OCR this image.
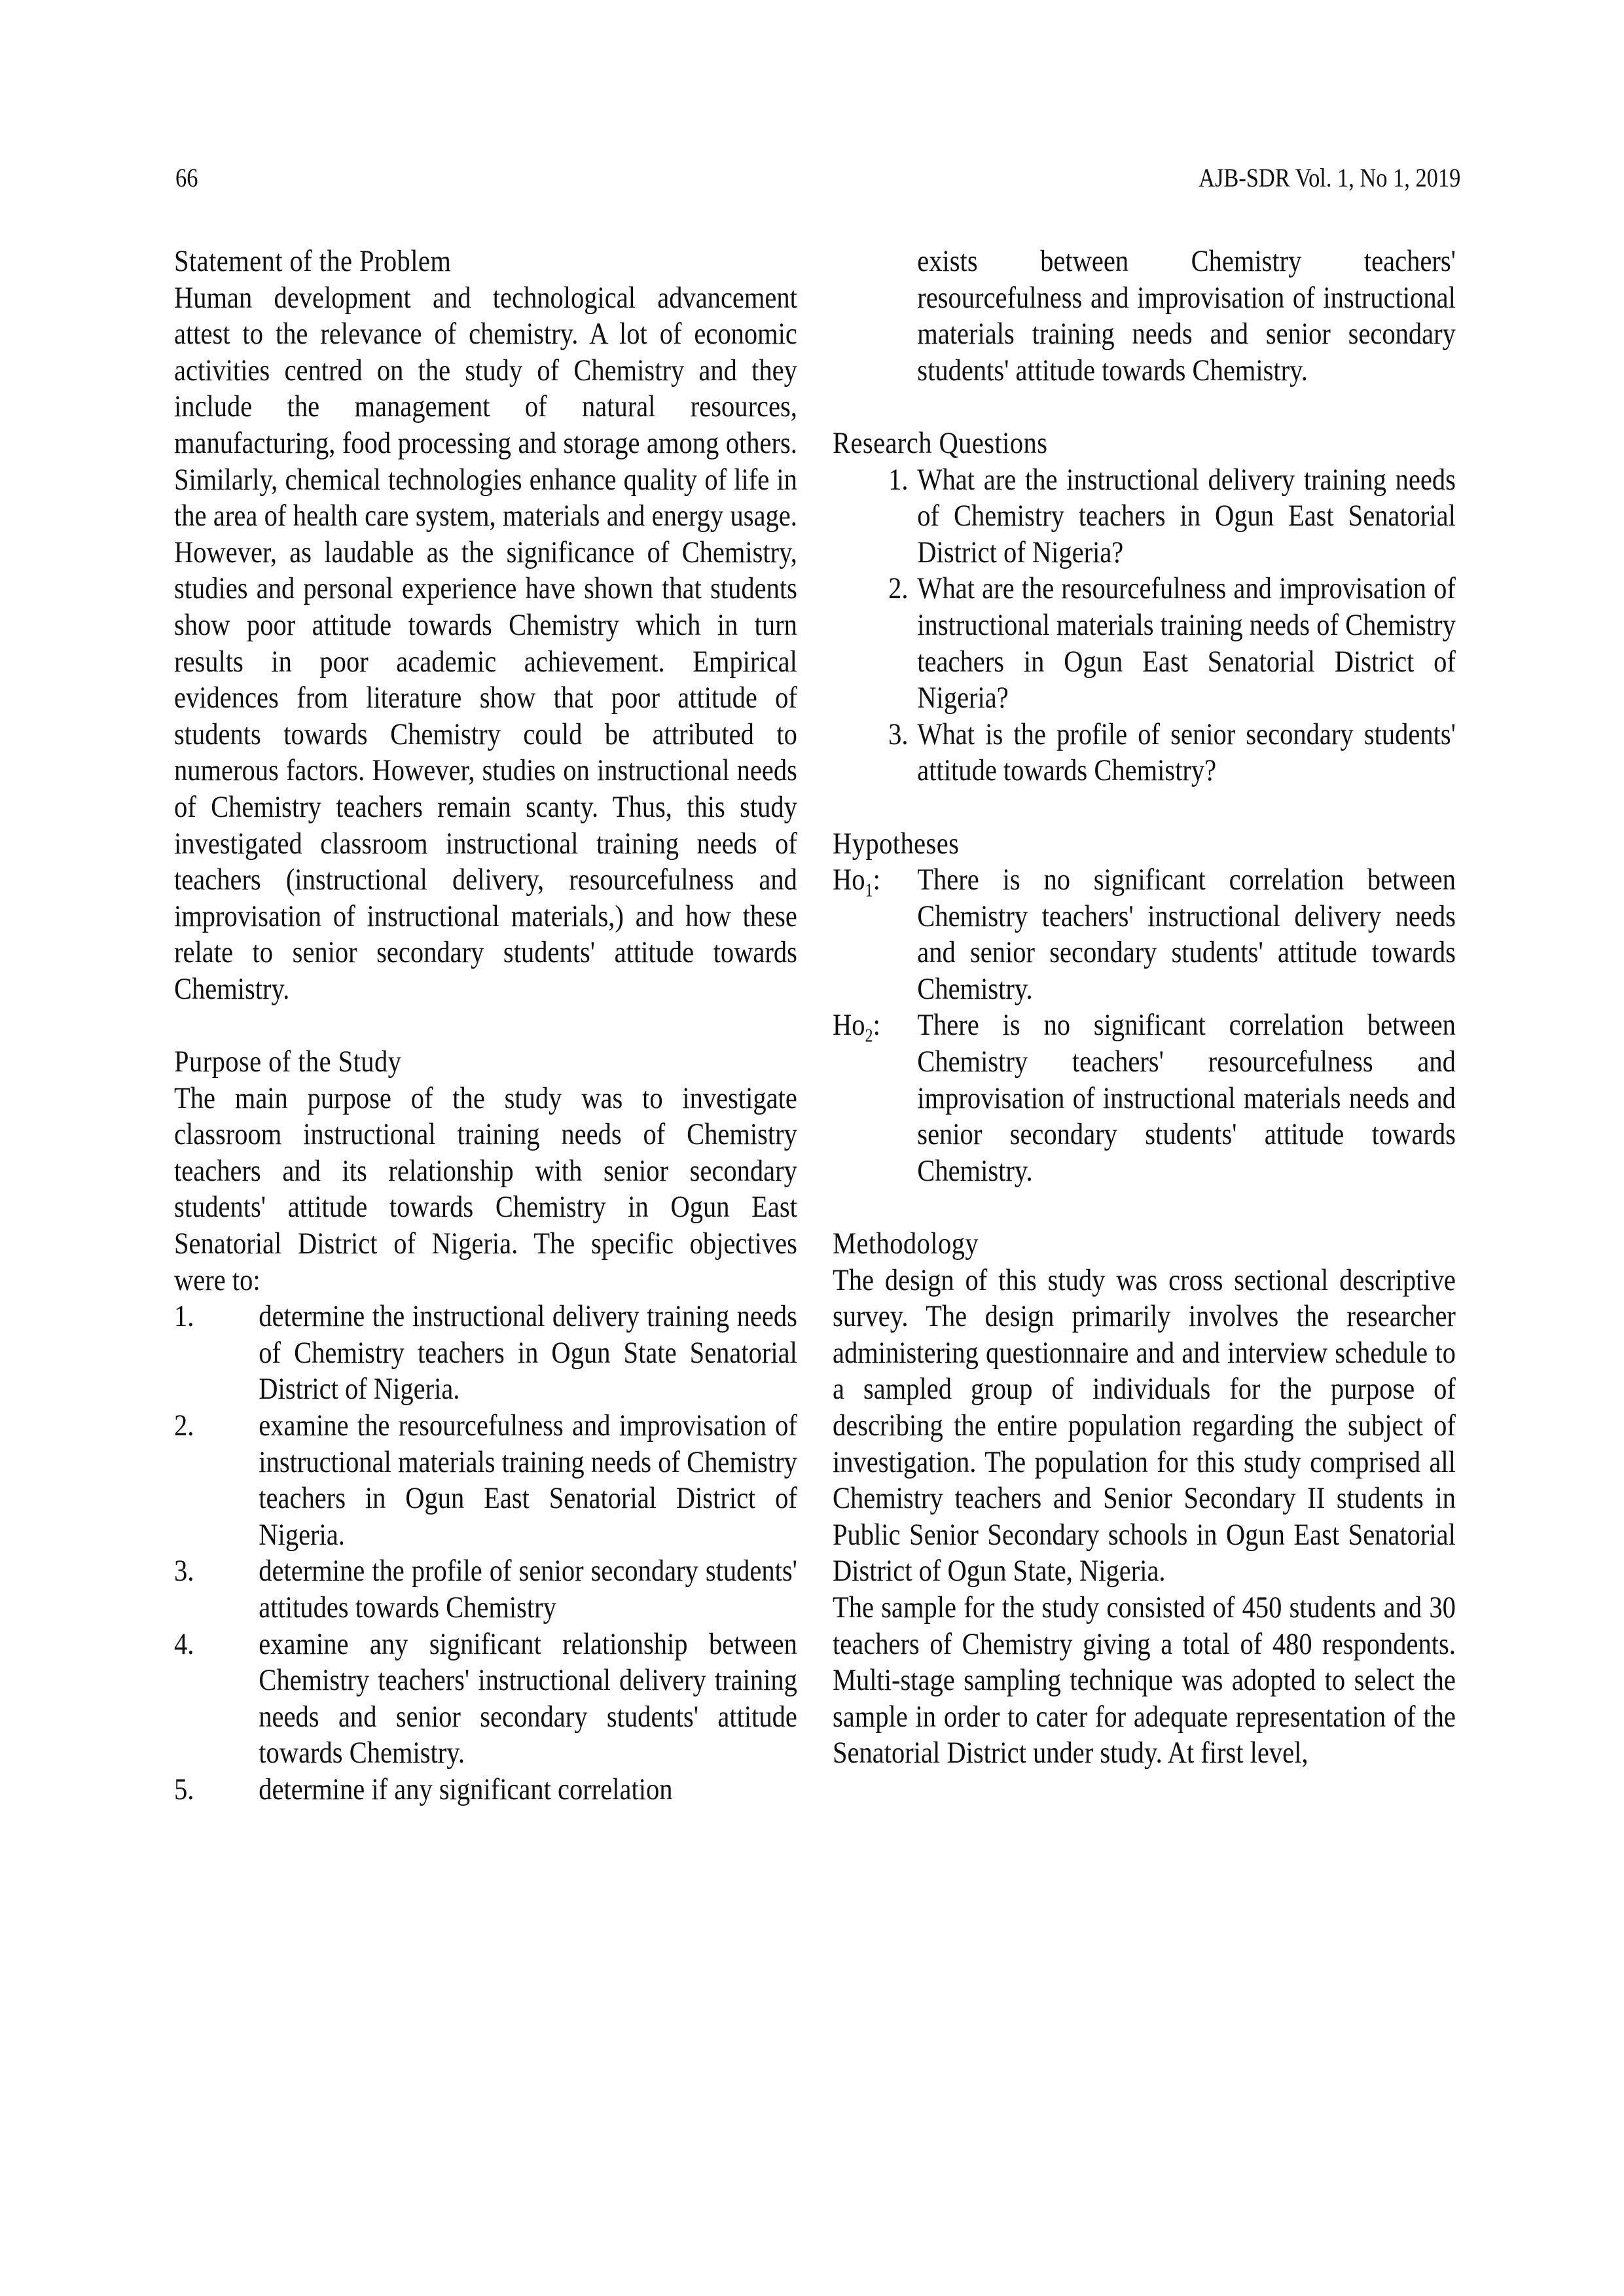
66	AJB-SDR Vol. 1, No 1, 2019
Statement of the Problem

Human development and technological advancement attest to the relevance of chemistry. A lot of economic activities centred on the study of Chemistry and they include the management of natural resources, manufacturing, food processing and storage among others. Similarly, chemical technologies enhance quality of life in the area of health care system, materials and energy usage. However, as laudable as the significance of Chemistry, studies and personal experience have shown that students show poor attitude towards Chemistry which in turn results in poor academic achievement. Empirical evidences from literature show that poor attitude of students towards Chemistry could be attributed to numerous factors. However, studies on instructional needs of Chemistry teachers remain scanty. Thus, this study investigated classroom instructional training needs of teachers (instructional delivery, resourcefulness and improvisation of instructional materials,) and how these relate to senior secondary students' attitude towards Chemistry.

Purpose of the Study

The main purpose of the study was to investigate classroom instructional training needs of Chemistry teachers and its relationship with senior secondary students' attitude towards Chemistry in Ogun East Senatorial District of Nigeria. The specific objectives were to:

1.	determine the instructional delivery training needs of Chemistry teachers in Ogun State Senatorial District of Nigeria.
2.	examine the resourcefulness and improvisation of instructional materials training needs of Chemistry teachers in Ogun East Senatorial District of Nigeria.
3.	determine the profile of senior secondary students' attitudes towards Chemistry
4.	examine any significant relationship between Chemistry teachers' instructional delivery training needs and senior secondary students' attitude towards Chemistry.
5.	determine if any significant correlation

exists between Chemistry teachers' resourcefulness and improvisation of instructional materials training needs and senior secondary students' attitude towards Chemistry.

Research Questions
1. What are the instructional delivery training needs of Chemistry teachers in Ogun East Senatorial District of Nigeria?
2. What are the resourcefulness and improvisation of instructional materials training needs of Chemistry teachers in Ogun East Senatorial District of Nigeria?
3. What is the profile of senior secondary students' attitude towards Chemistry?
Hypotheses
$Ho_1$:	There is no significant correlation between Chemistry teachers' instructional delivery needs and senior secondary students' attitude towards Chemistry.
$Ho_2$:	There is no significant correlation between Chemistry teachers' resourcefulness and improvisation of instructional materials needs and senior secondary students' attitude towards Chemistry.
Methodology

The design of this study was cross sectional descriptive survey. The design primarily involves the researcher administering questionnaire and and interview schedule to a sampled group of individuals for the purpose of describing the entire population regarding the subject of investigation. The population for this study comprised all Chemistry teachers and Senior Secondary II students in Public Senior Secondary schools in Ogun East Senatorial District of Ogun State, Nigeria.

The sample for the study consisted of 450 students and 30 teachers of Chemistry giving a total of 480 respondents. Multi-stage sampling technique was adopted to select the sample in order to cater for adequate representation of the Senatorial District under study. At first level,
